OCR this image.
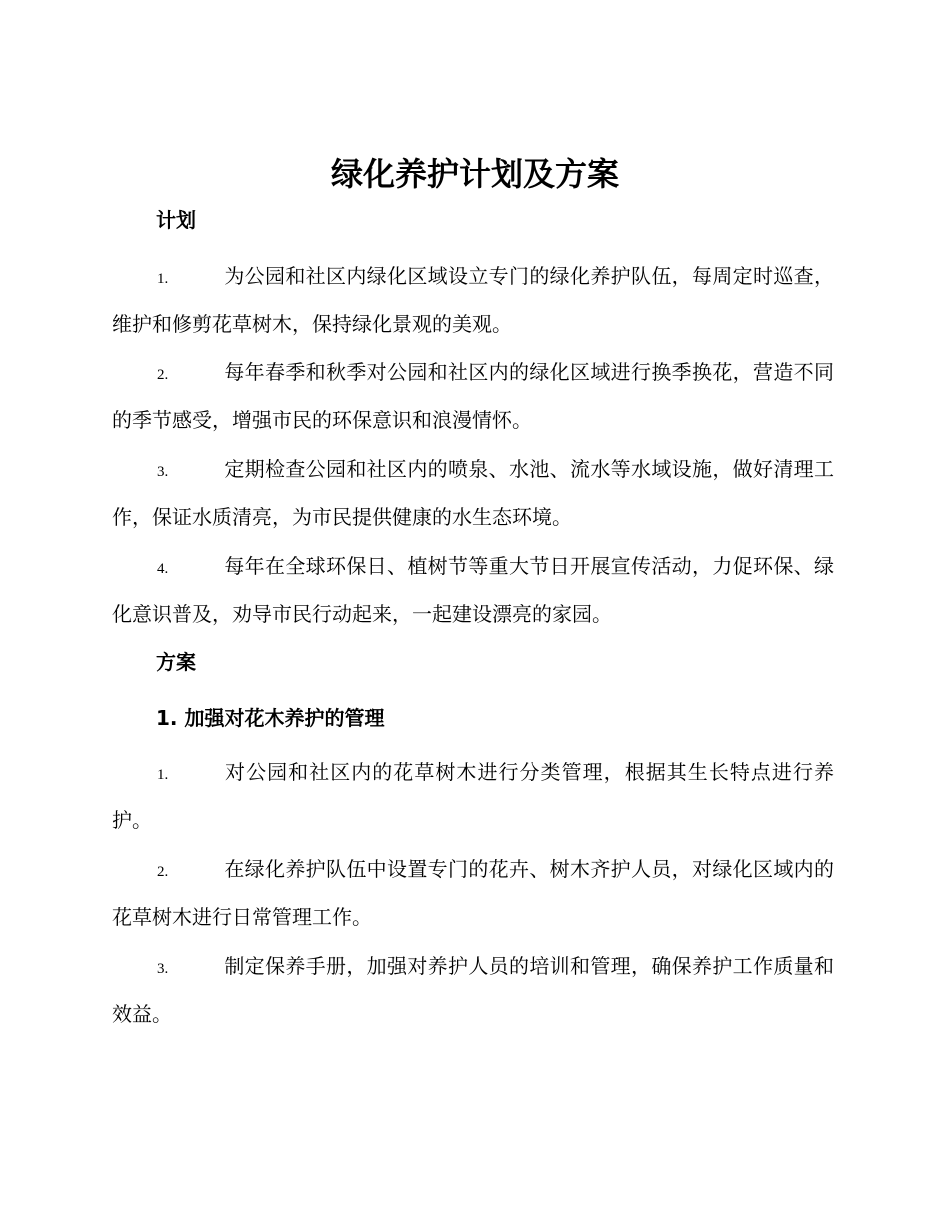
绿化养护计划及方案
计划

1.	为公园和社区内绿化区域设立专门的绿化养护队伍，每周定时巡查，维护和修剪花草树木，保持绿化景观的美观。

2.	每年春季和秋季对公园和社区内的绿化区域进行换季换花，营造不同的季节感受，增强市民的环保意识和浪漫情怀。

3.	定期检查公园和社区内的喷泉、水池、流水等水域设施，做好清理工作，保证水质清亮，为市民提供健康的水生态环境。

4.	每年在全球环保日、植树节等重大节日开展宣传活动，力促环保、绿化意识普及，劝导市民行动起来，一起建设漂亮的家园。

方案
1. 加强对花木养护的管理

1.	对公园和社区内的花草树木进行分类管理，根据其生长特点进行养护。

2.	在绿化养护队伍中设置专门的花卉、树木齐护人员，对绿化区域内的花草树木进行日常管理工作。

3.	制定保养手册，加强对养护人员的培训和管理，确保养护工作质量和效益。
